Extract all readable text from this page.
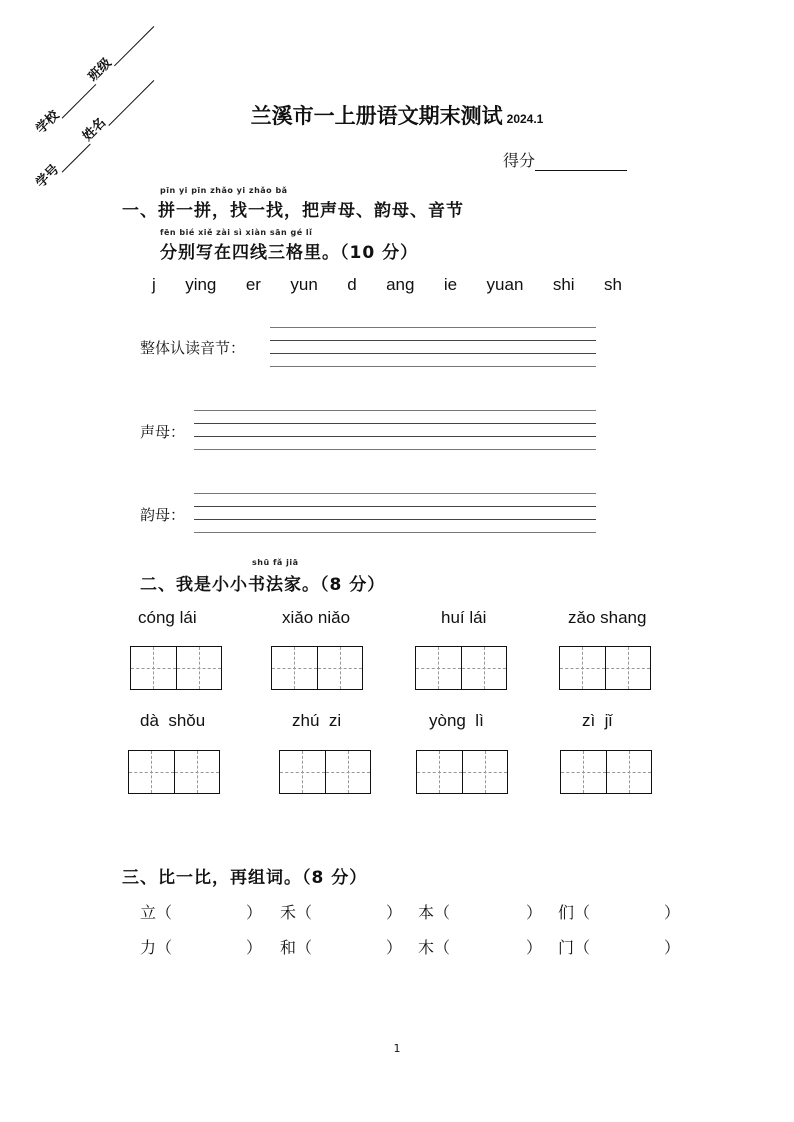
学校班级
学号姓名	兰溪市一上册语文期末测试 2024.1
得分
pīn yi pīn zhǎo yi zhǎo bǎ
一、拼一拼，找一找，把声母、韵母、音节
fēn bié xiě zài sì xiàn sān gé lǐ
分别写在四线三格里。（10 分）
j ying er yun d ang ie yuan shi sh
整体认读音节：
声母：
韵母：
shū fǎ jiā
二、我是小小书法家。（8 分）
cóng lái	xiǎo niǎo	huí lái	zǎo shang
dà  shǒu	zhú  zi	yòng  lì	zì  jǐ
三、比一比，再组词。（8 分）
立（	） 禾（	） 本（	） 们（	）
力（	） 和（	） 木（	） 门（	）
1
